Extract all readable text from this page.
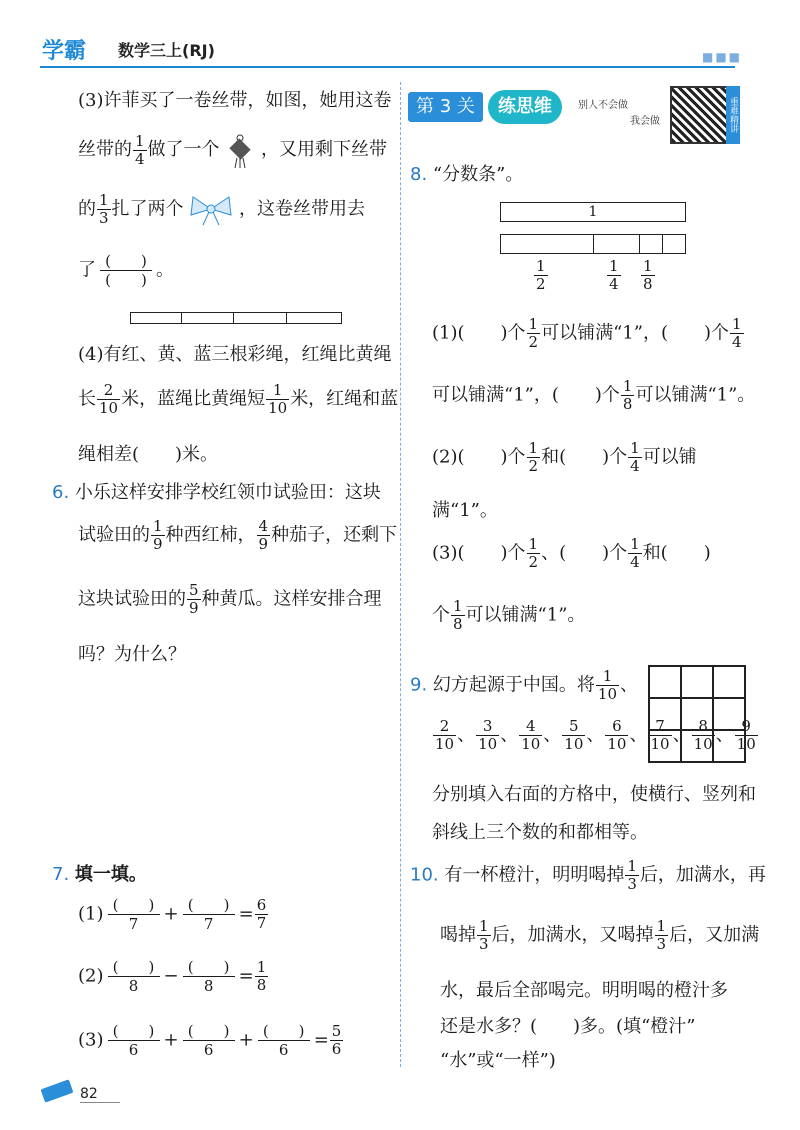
学霸 数学三上(RJ)	■■■
(3)许菲买了一卷丝带，如图，她用这卷
丝带的 $\frac{1}{4}$ 做了一个 ，又用剩下丝带
的 $\frac{1}{3}$ 扎了两个	，这卷丝带用去
了 $\frac{( )}{( )}$ 。
(4)有红、黄、蓝三根彩绳，红绳比黄绳
长 $\frac{2}{10}$ 米，蓝绳比黄绳短 $\frac{1}{10}$ 米，红绳和蓝
绳相差(　　)米。
6. 小乐这样安排学校红领巾试验田：这块
试验田的 $\frac{1}{9}$ 种西红柿， $\frac{4}{9}$ 种茄子，还剩下
这块试验田的 $\frac{5}{9}$ 种黄瓜。这样安排合理
吗？为什么？
7. 填一填。
$(1) \frac{( )}{7} + \frac{( )}{7} = \frac{6}{7}$
$(2) \frac{( )}{8} - \frac{( )}{8} = \frac{1}{8}$
$(3) \frac{( )}{6} + \frac{( )}{6} + \frac{( )}{6} = \frac{5}{6}$
第 3 关	练思维	别人不会做
我会做	重难精讲
8. “分数条”。
1
$\frac{1}{2}$	$\frac{1}{4} \frac{1}{8}$
(1)(　　)个 $\frac{1}{2}$ 可以铺满“1”，(　　)个 $\frac{1}{4}$
可以铺满“1”，(　　)个 $\frac{1}{8}$ 可以铺满“1”。
(2)(　　)个 $\frac{1}{2}$ 和(　　)个 $\frac{1}{4}$ 可以铺
满“1”。
(3)(　　)个 $\frac{1}{2}$ 、(　　)个 $\frac{1}{4}$ 和(　　)
个 $\frac{1}{8}$ 可以铺满“1”。
9. 幻方起源于中国。将 $\frac{1}{10}$ 、
$\frac{2}{10}$ 、 $\frac{3}{10}$ 、 $\frac{4}{10}$ 、 $\frac{5}{10}$ 、 $\frac{6}{10}$ 、 $\frac{7}{10}$ 、 $\frac{8}{10}$ 、 $\frac{9}{10}$
分别填入右面的方格中，使横行、竖列和
斜线上三个数的和都相等。
10. 有一杯橙汁，明明喝掉 $\frac{1}{3}$ 后，加满水，再
喝掉 $\frac{1}{3}$ 后，加满水，又喝掉 $\frac{1}{3}$ 后，又加满
水，最后全部喝完。明明喝的橙汁多
还是水多？(　　)多。(填“橙汁”
“水”或“一样”)
82
